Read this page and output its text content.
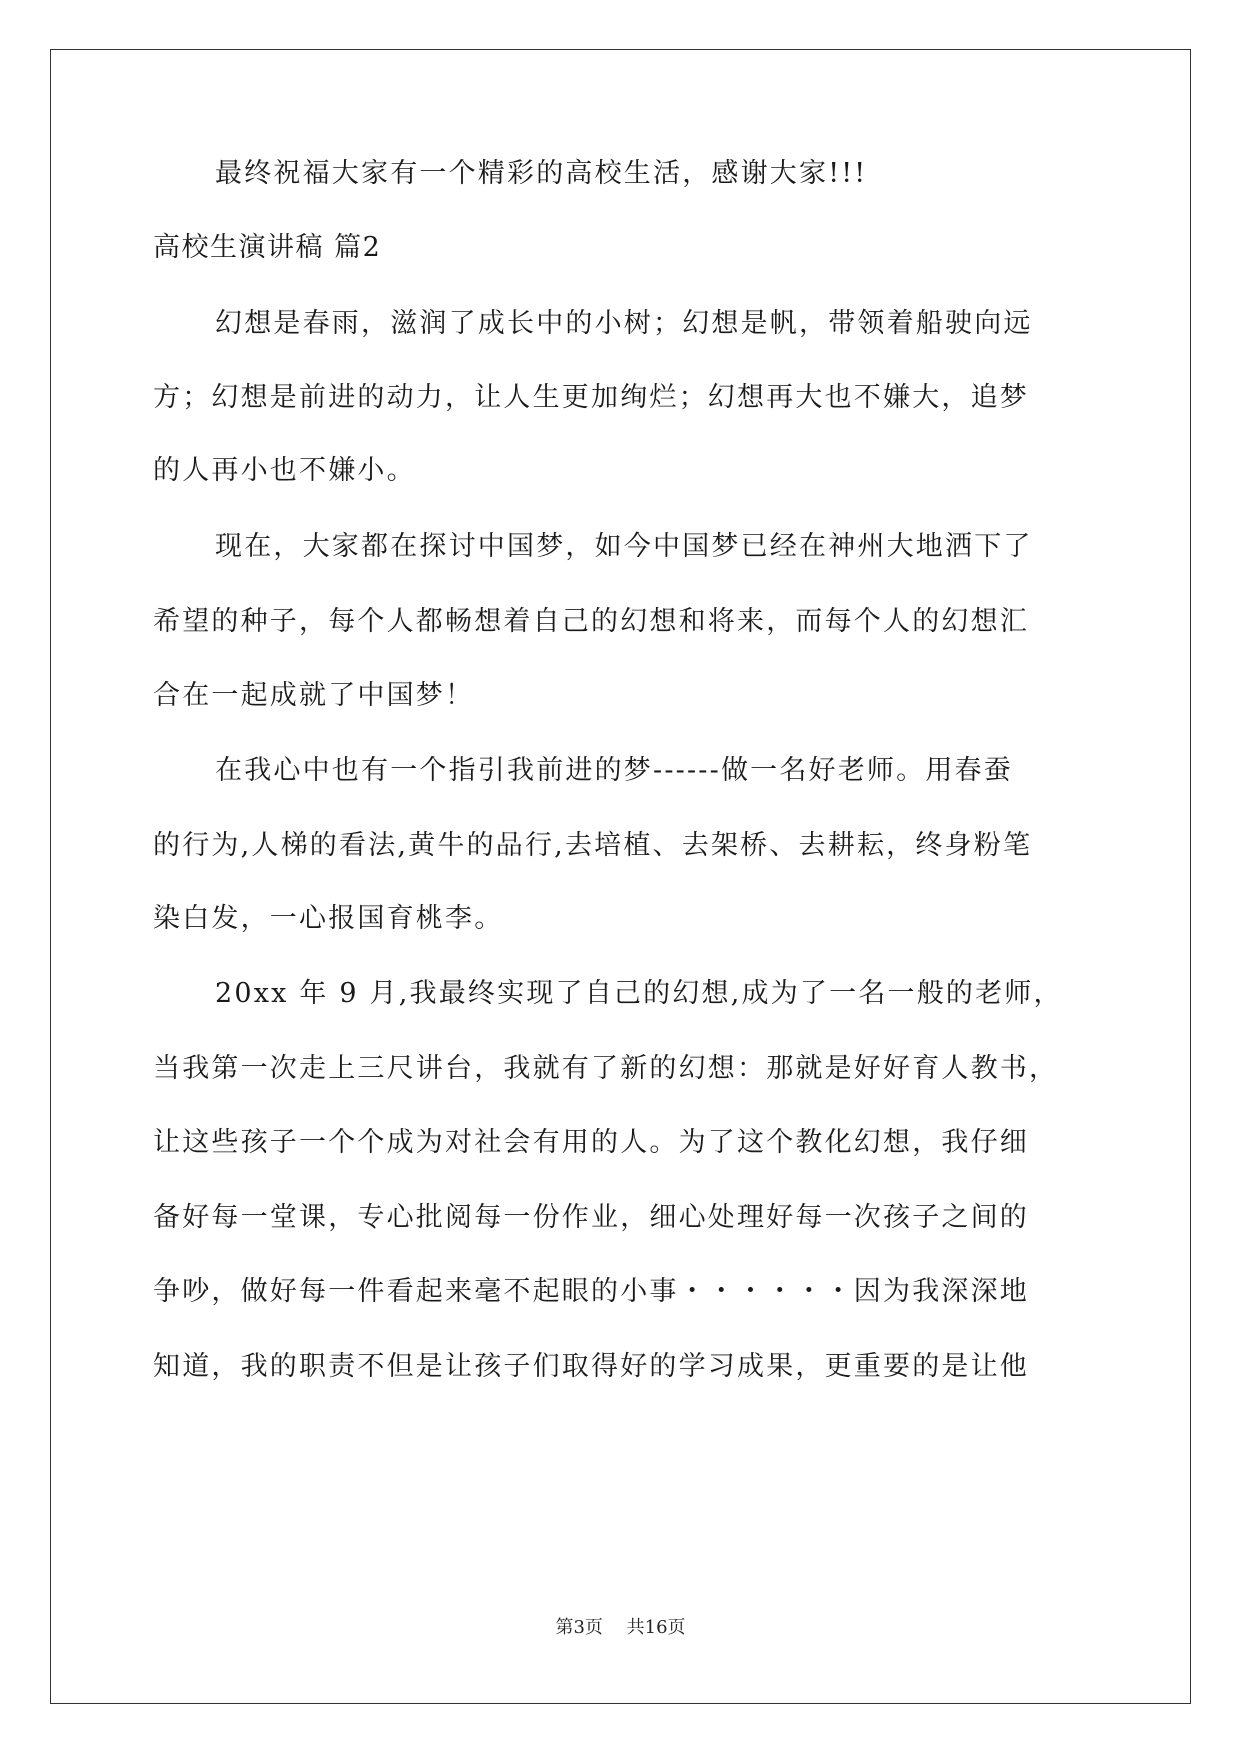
最终祝福大家有一个精彩的高校生活，感谢大家!!!
高校生演讲稿 篇2
幻想是春雨，滋润了成长中的小树；幻想是帆，带领着船驶向远
方；幻想是前进的动力，让人生更加绚烂；幻想再大也不嫌大，追梦
的人再小也不嫌小。
现在，大家都在探讨中国梦，如今中国梦已经在神州大地洒下了
希望的种子，每个人都畅想着自己的幻想和将来，而每个人的幻想汇
合在一起成就了中国梦！
在我心中也有一个指引我前进的梦------做一名好老师。用春蚕
的行为,人梯的看法,黄牛的品行,去培植、去架桥、去耕耘，终身粉笔
染白发，一心报国育桃李。
20xx 年 9 月,我最终实现了自己的幻想,成为了一名一般的老师，
当我第一次走上三尺讲台，我就有了新的幻想：那就是好好育人教书，
让这些孩子一个个成为对社会有用的人。为了这个教化幻想，我仔细
备好每一堂课，专心批阅每一份作业，细心处理好每一次孩子之间的
争吵，做好每一件看起来毫不起眼的小事・・・・・・因为我深深地
知道，我的职责不但是让孩子们取得好的学习成果，更重要的是让他
第3页 共16页
